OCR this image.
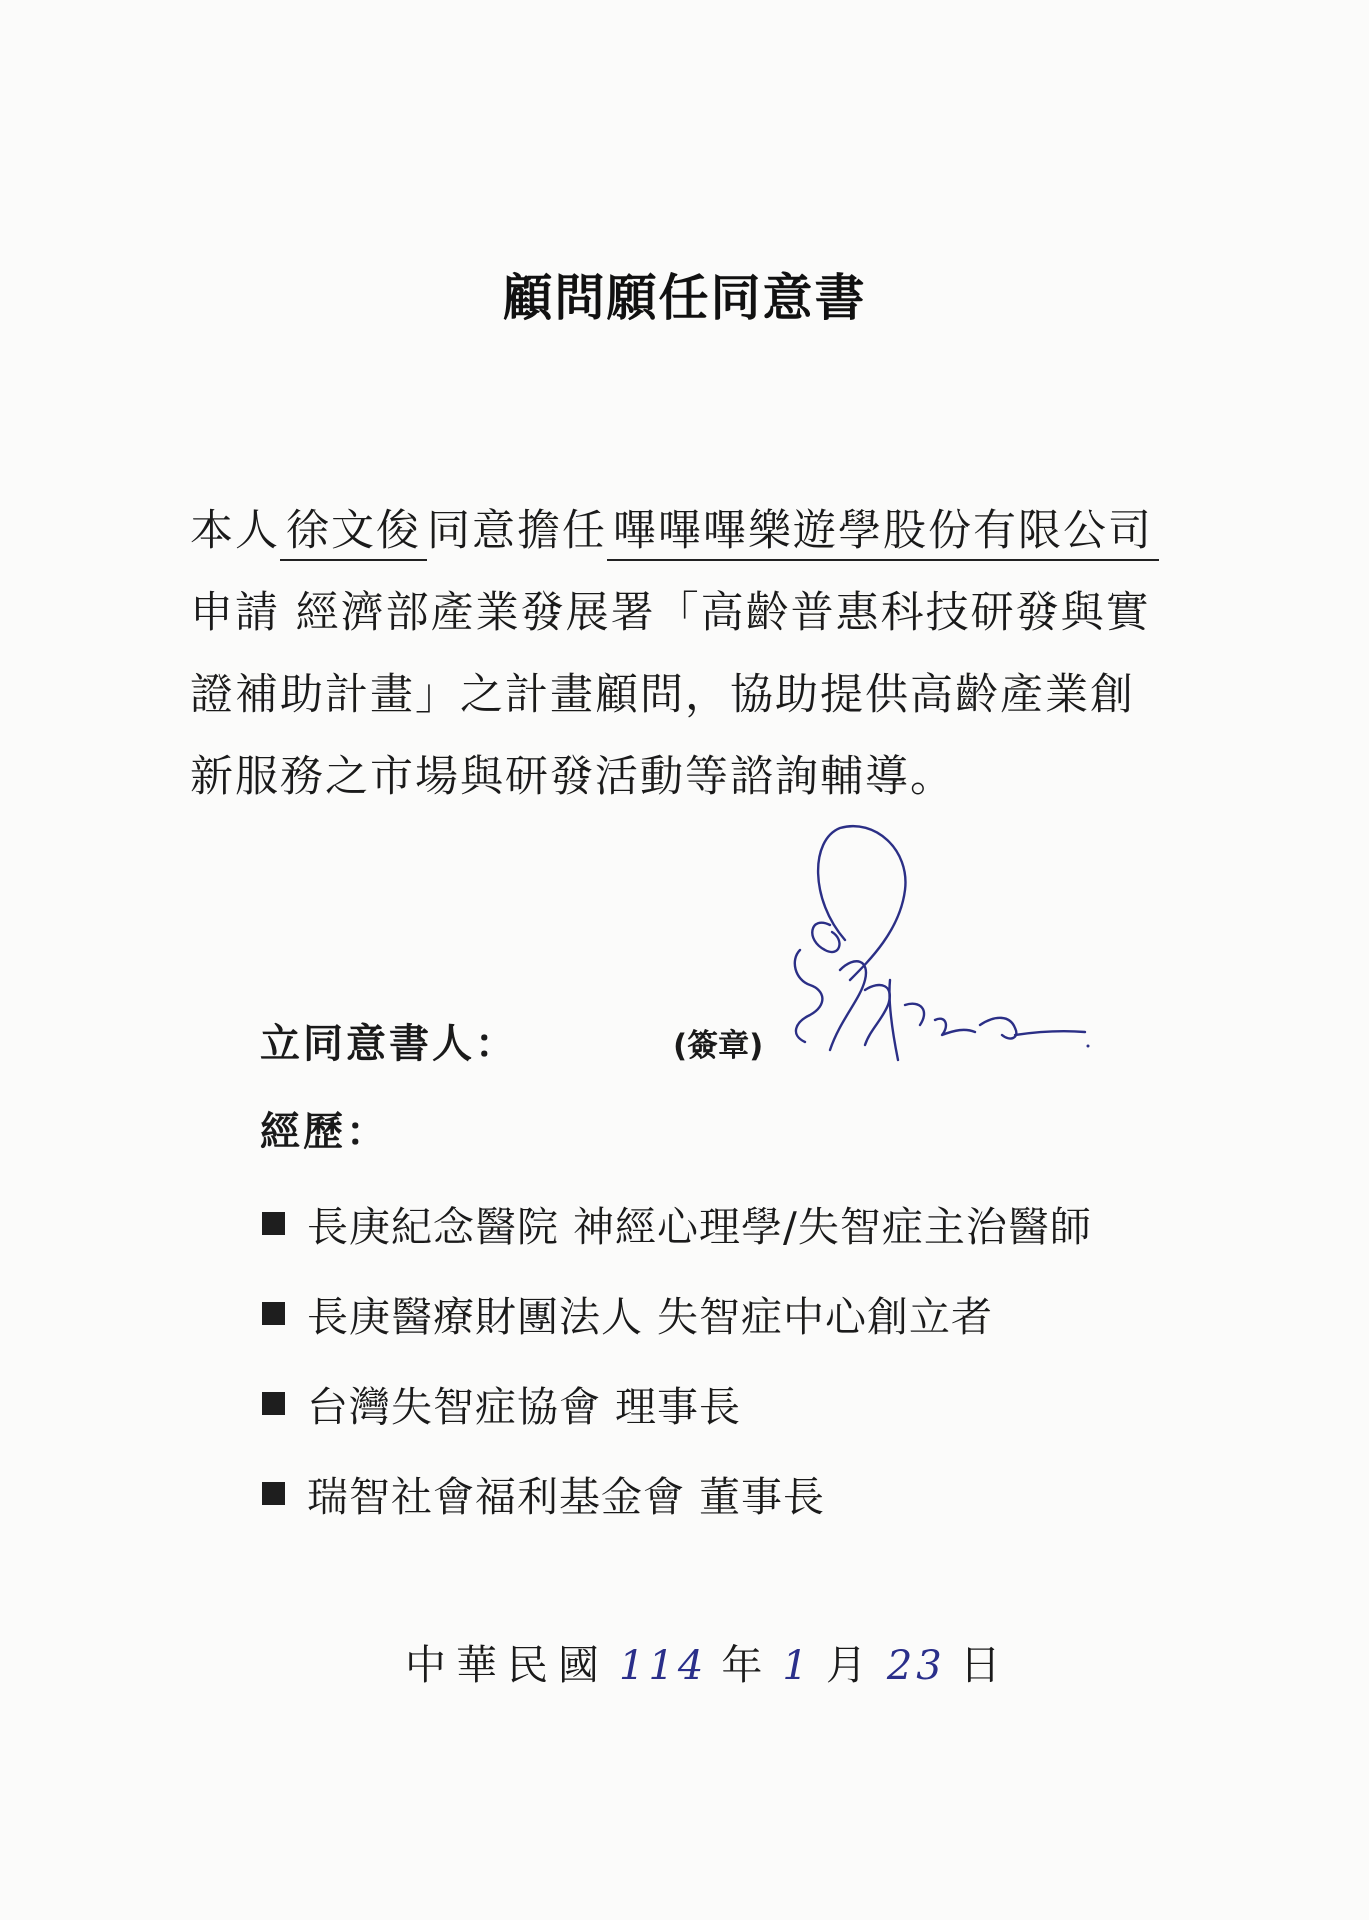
顧問願任同意書
本人 徐文俊 同意擔任 嗶嗶嗶樂遊學股份有限公司申請 經濟部產業發展署「高齡普惠科技研發與實證補助計畫」之計畫顧問，協助提供高齡產業創新服務之市場與研發活動等諮詢輔導。
立同意書人：	(簽章)
經歷：
長庚紀念醫院 神經心理學/失智症主治醫師
長庚醫療財團法人 失智症中心創立者
台灣失智症協會 理事長
瑞智社會福利基金會 董事長
中華民國 114 年 1 月 23 日
